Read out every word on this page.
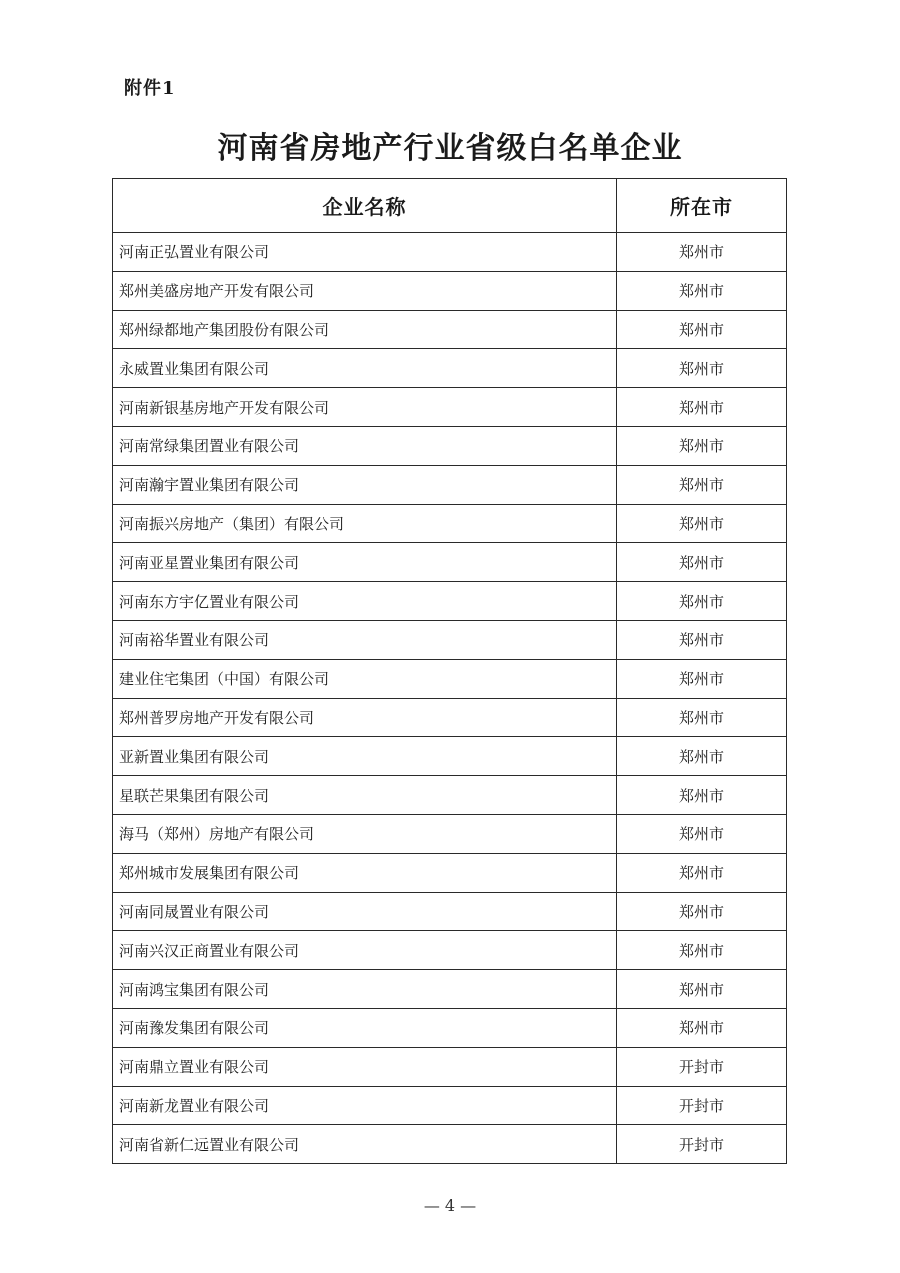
附件1
河南省房地产行业省级白名单企业
企业名称	所在市
河南正弘置业有限公司	郑州市
郑州美盛房地产开发有限公司	郑州市
郑州绿都地产集团股份有限公司	郑州市
永威置业集团有限公司	郑州市
河南新银基房地产开发有限公司	郑州市
河南常绿集团置业有限公司	郑州市
河南瀚宇置业集团有限公司	郑州市
河南振兴房地产（集团）有限公司	郑州市
河南亚星置业集团有限公司	郑州市
河南东方宇亿置业有限公司	郑州市
河南裕华置业有限公司	郑州市
建业住宅集团（中国）有限公司	郑州市
郑州普罗房地产开发有限公司	郑州市
亚新置业集团有限公司	郑州市
星联芒果集团有限公司	郑州市
海马（郑州）房地产有限公司	郑州市
郑州城市发展集团有限公司	郑州市
河南同晟置业有限公司	郑州市
河南兴汉正商置业有限公司	郑州市
河南鸿宝集团有限公司	郑州市
河南豫发集团有限公司	郑州市
河南鼎立置业有限公司	开封市
河南新龙置业有限公司	开封市
河南省新仁远置业有限公司	开封市
— 4 —
